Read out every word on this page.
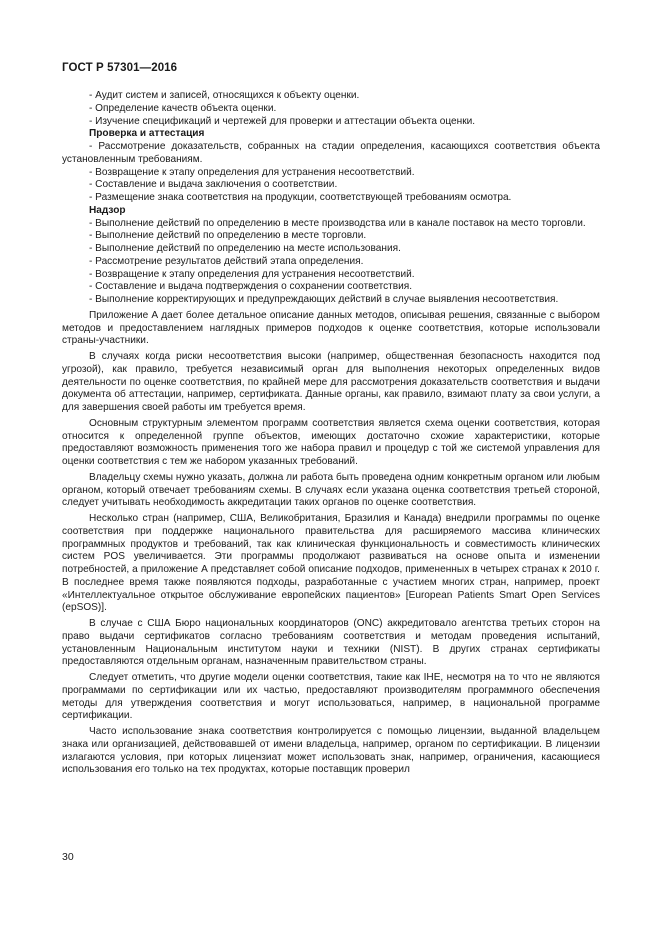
ГОСТ Р 57301—2016

- Аудит систем и записей, относящихся к объекту оценки.

- Определение качеств объекта оценки.

- Изучение спецификаций и чертежей для проверки и аттестации объекта оценки.

Проверка и аттестация

- Рассмотрение доказательств, собранных на стадии определения, касающихся соответствия объекта установленным требованиям.

- Возвращение к этапу определения для устранения несоответствий.

- Составление и выдача заключения о соответствии.

- Размещение знака соответствия на продукции, соответствующей требованиям осмотра.

Надзор

- Выполнение действий по определению в месте производства или в канале поставок на место торговли.

- Выполнение действий по определению в месте торговли.

- Выполнение действий по определению на месте использования.

- Рассмотрение результатов действий этапа определения.

- Возвращение к этапу определения для устранения несоответствий.

- Составление и выдача подтверждения о сохранении соответствия.

- Выполнение корректирующих и предупреждающих действий в случае выявления несоответствия.

Приложение А дает более детальное описание данных методов, описывая решения, связанные с выбором методов и предоставлением наглядных примеров подходов к оценке соответствия, которые использовали страны-участники.

В случаях когда риски несоответствия высоки (например, общественная безопасность находится под угрозой), как правило, требуется независимый орган для выполнения некоторых определенных видов деятельности по оценке соответствия, по крайней мере для рассмотрения доказательств соответствия и выдачи документа об аттестации, например, сертификата. Данные органы, как правило, взимают плату за свои услуги, а для завершения своей работы им требуется время.

Основным структурным элементом программ соответствия является схема оценки соответствия, которая относится к определенной группе объектов, имеющих достаточно схожие характеристики, которые предоставляют возможность применения того же набора правил и процедур с той же системой управления для оценки соответствия с тем же набором указанных требований.

Владельцу схемы нужно указать, должна ли работа быть проведена одним конкретным органом или любым органом, который отвечает требованиям схемы. В случаях если указана оценка соответствия третьей стороной, следует учитывать необходимость аккредитации таких органов по оценке соответствия.

Несколько стран (например, США, Великобритания, Бразилия и Канада) внедрили программы по оценке соответствия при поддержке национального правительства для расширяемого массива клинических программных продуктов и требований, так как клиническая функциональность и совместимость клинических систем POS увеличивается. Эти программы продолжают развиваться на основе опыта и изменении потребностей, а приложение А представляет собой описание подходов, примененных в четырех странах к 2010 г. В последнее время также появляются подходы, разработанные с участием многих стран, например, проект «Интеллектуальное открытое обслуживание европейских пациентов» [European Patients Smart Open Services (epSOS)].

В случае с США Бюро национальных координаторов (ONC) аккредитовало агентства третьих сторон на право выдачи сертификатов согласно требованиям соответствия и методам проведения испытаний, установленным Национальным институтом науки и техники (NIST). В других странах сертификаты предоставляются отдельным органам, назначенным правительством страны.

Следует отметить, что другие модели оценки соответствия, такие как IHE, несмотря на то что не являются программами по сертификации или их частью, предоставляют производителям программного обеспечения методы для утверждения соответствия и могут использоваться, например, в национальной программе сертификации.

Часто использование знака соответствия контролируется с помощью лицензии, выданной владельцем знака или организацией, действовавшей от имени владельца, например, органом по сертификации. В лицензии излагаются условия, при которых лицензиат может использовать знак, например, ограничения, касающиеся использования его только на тех продуктах, которые поставщик проверил

30
